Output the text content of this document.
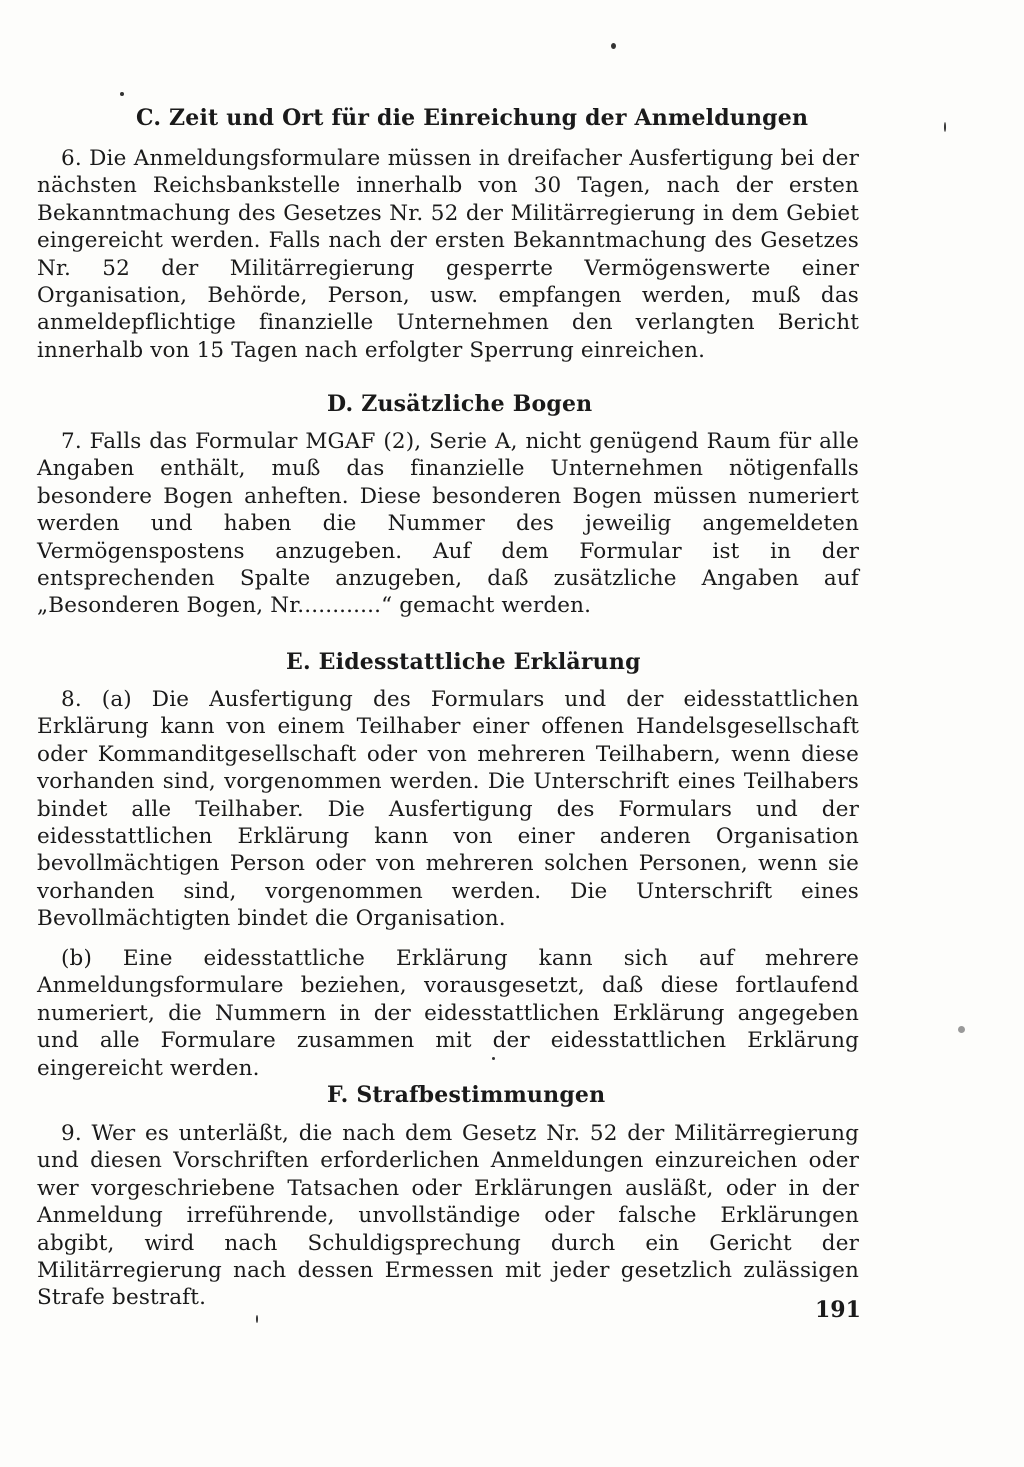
C. Zeit und Ort für die Einreichung der Anmeldungen
6. Die Anmeldungsformulare müssen in dreifacher Ausfertigung bei der nächsten Reichsbankstelle innerhalb von 30 Tagen, nach der ersten Bekanntmachung des Gesetzes Nr. 52 der Militärregierung in dem Gebiet eingereicht werden. Falls nach der ersten Bekanntmachung des Gesetzes Nr. 52 der Militärregierung gesperrte Vermögenswerte einer Organisation, Behörde, Person, usw. empfangen werden, muß das anmeldepflichtige finanzielle Unternehmen den verlangten Bericht innerhalb von 15 Tagen nach erfolgter Sperrung einreichen.
D. Zusätzliche Bogen
7. Falls das Formular MGAF (2), Serie A, nicht genügend Raum für alle Angaben enthält, muß das finanzielle Unternehmen nötigenfalls besondere Bogen anheften. Diese besonderen Bogen müssen numeriert werden und haben die Nummer des jeweilig angemeldeten Vermögenspostens anzugeben. Auf dem Formular ist in der entsprechenden Spalte anzugeben, daß zusätzliche Angaben auf „Besonderen Bogen, Nr............“ gemacht werden.
E. Eidesstattliche Erklärung
8. (a) Die Ausfertigung des Formulars und der eidesstattlichen Erklärung kann von einem Teilhaber einer offenen Handelsgesellschaft oder Kommanditgesellschaft oder von mehreren Teilhabern, wenn diese vorhanden sind, vorgenommen werden. Die Unterschrift eines Teilhabers bindet alle Teilhaber. Die Ausfertigung des Formulars und der eidesstattlichen Erklärung kann von einer anderen Organisation bevollmächtigen Person oder von mehreren solchen Personen, wenn sie vorhanden sind, vorgenommen werden. Die Unterschrift eines Bevollmächtigten bindet die Organisation.
(b) Eine eidesstattliche Erklärung kann sich auf mehrere Anmeldungsformulare beziehen, vorausgesetzt, daß diese fortlaufend numeriert, die Nummern in der eidesstattlichen Erklärung angegeben und alle Formulare zusammen mit der eidesstattlichen Erklärung eingereicht werden.
F. Strafbestimmungen
9. Wer es unterläßt, die nach dem Gesetz Nr. 52 der Militärregierung und diesen Vorschriften erforderlichen Anmeldungen einzureichen oder wer vorgeschriebene Tatsachen oder Erklärungen ausläßt, oder in der Anmeldung irreführende, unvollständige oder falsche Erklärungen abgibt, wird nach Schuldigsprechung durch ein Gericht der Militärregierung nach dessen Ermessen mit jeder gesetzlich zulässigen Strafe bestraft.	191
